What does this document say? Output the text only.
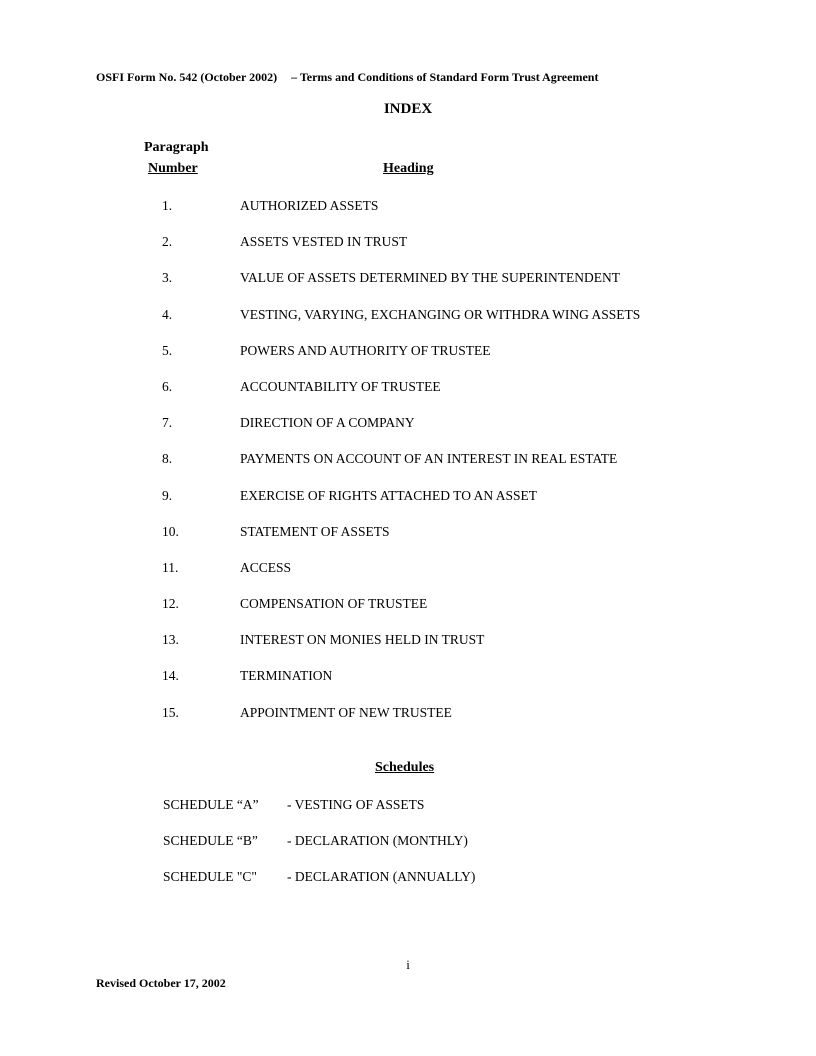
OSFI Form No. 542 (October 2002) – Terms and Conditions of Standard Form Trust Agreement
INDEX
Paragraph
Number	Heading
1.	AUTHORIZED ASSETS
2.	ASSETS VESTED IN TRUST
3.	VALUE OF ASSETS DETERMINED BY THE SUPERINTENDENT
4.	VESTING, VARYING, EXCHANGING OR WITHDRA WING ASSETS
5.	POWERS AND AUTHORITY OF TRUSTEE
6.	ACCOUNTABILITY OF TRUSTEE
7.	DIRECTION OF A COMPANY
8.	PAYMENTS ON ACCOUNT OF AN INTEREST IN REAL ESTATE
9.	EXERCISE OF RIGHTS ATTACHED TO AN ASSET
10.	STATEMENT OF ASSETS
11.	ACCESS
12.	COMPENSATION OF TRUSTEE
13.	INTEREST ON MONIES HELD IN TRUST
14.	TERMINATION
15.	APPOINTMENT OF NEW TRUSTEE
Schedules
SCHEDULE “A” - VESTING OF ASSETS
SCHEDULE “B” - DECLARATION (MONTHLY)
SCHEDULE "C" - DECLARATION (ANNUALLY)
i
Revised October 17, 2002
